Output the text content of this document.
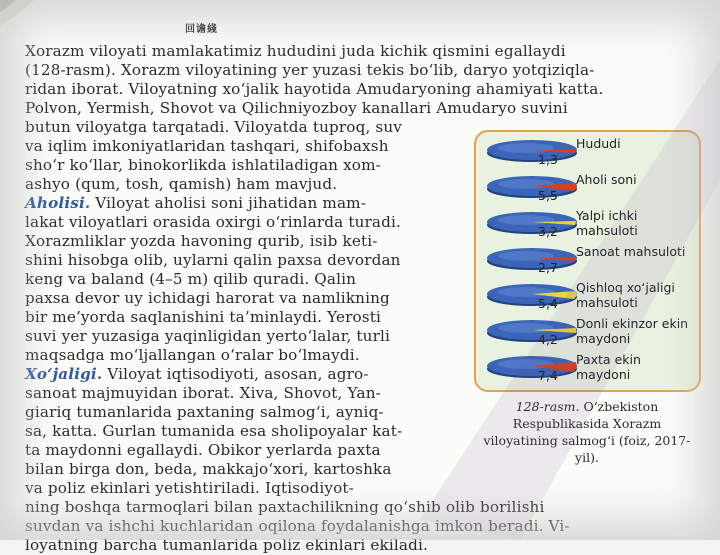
回谵綫
Xorazm viloyati mamlakatimiz hududini juda kichik qismini egallaydi
(128-rasm). Xorazm viloyatining yer yuzasi tekis bo‘lib, daryo yotqiziqla-
ridan iborat. Viloyatning xo‘jalik hayotida Amudaryoning ahamiyati katta.
Polvon, Yermish, Shovot va Qilichniyozboy kanallari Amudaryo suvini
butun viloyatga tarqatadi. Viloyatda tuproq, suv
va iqlim imkoniyatlaridan tashqari, shifobaxsh
sho‘r ko‘llar, binokorlikda ishlatiladigan xom-
ashyo (qum, tosh, qamish) ham mavjud.
Aholisi. Viloyat aholisi soni jihatidan mam-
lakat viloyatlari orasida oxirgi o‘rinlarda turadi.
Xorazmliklar yozda havoning qurib, isib keti-
shini hisobga olib, uylarni qalin paxsa devordan
keng va baland (4–5 m) qilib quradi. Qalin
paxsa devor uy ichidagi harorat va namlikning
bir me’yorda saqlanishini ta’minlaydi. Yerosti
suvi yer yuzasiga yaqinligidan yerto‘lalar, turli
maqsadga mo‘ljallangan o‘ralar bo‘lmaydi.
Xo‘jaligi. Viloyat iqtisodiyoti, asosan, agro-
sanoat majmuyidan iborat. Xiva, Shovot, Yan-
giariq tumanlarida paxtaning salmog‘i, ayniq-
sa, katta. Gurlan tumanida esa sholipoyalar kat-
ta maydonni egallaydi. Obikor yerlarda paxta
bilan birga don, beda, makkajo‘xori, kartoshka
va poliz ekinlari yetishtiriladi. Iqtisodiyot-
ning boshqa tarmoqlari bilan paxtachilikning qo‘shib olib borilishi
suvdan va ishchi kuchlaridan oqilona foydalanishga imkon beradi. Vi-
loyatning barcha tumanlarida poliz ekinlari ekiladi.
1,3
Hududi
5,5
Aholi soni
3,2
Yalpi ichki mahsuloti
2,7
Sanoat mahsuloti
5,4
Qishloq xo‘jaligi mahsuloti
4,2
Donli ekinzor ekin maydoni
7,4
Paxta ekin maydoni
128-rasm. O‘zbekiston Respublikasida Xorazm viloyatining salmog‘i (foiz, 2017-yil).
